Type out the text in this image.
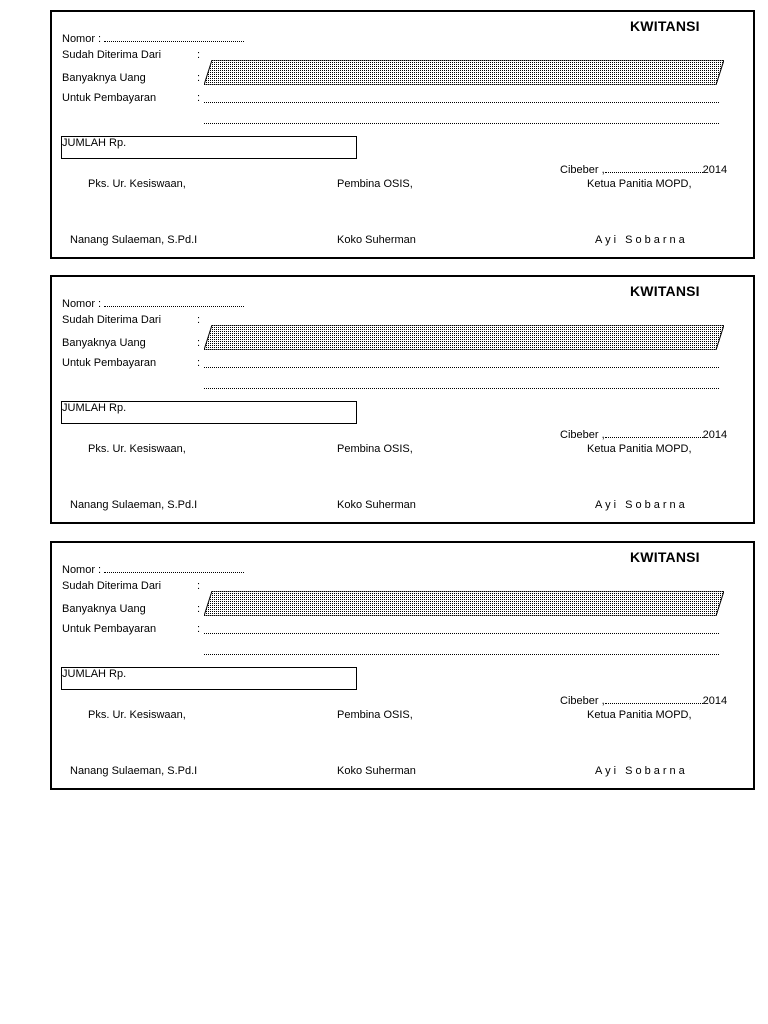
KWITANSI
Nomor :
Sudah Diterima Dari	:
Banyaknya Uang	:
Untuk Pembayaran	:
JUMLAH Rp.
Cibeber ,	2014
Pks. Ur. Kesiswaan,	Pembina OSIS,	Ketua Panitia MOPD,
Nanang Sulaeman, S.Pd.I	Koko Suherman	Ayi Sobarna
KWITANSI
Nomor :
Sudah Diterima Dari	:
Banyaknya Uang	:
Untuk Pembayaran	:
JUMLAH Rp.
Cibeber ,	2014
Pks. Ur. Kesiswaan,	Pembina OSIS,	Ketua Panitia MOPD,
Nanang Sulaeman, S.Pd.I	Koko Suherman	Ayi Sobarna
KWITANSI
Nomor :
Sudah Diterima Dari	:
Banyaknya Uang	:
Untuk Pembayaran	:
JUMLAH Rp.
Cibeber ,	2014
Pks. Ur. Kesiswaan,	Pembina OSIS,	Ketua Panitia MOPD,
Nanang Sulaeman, S.Pd.I	Koko Suherman	Ayi Sobarna
